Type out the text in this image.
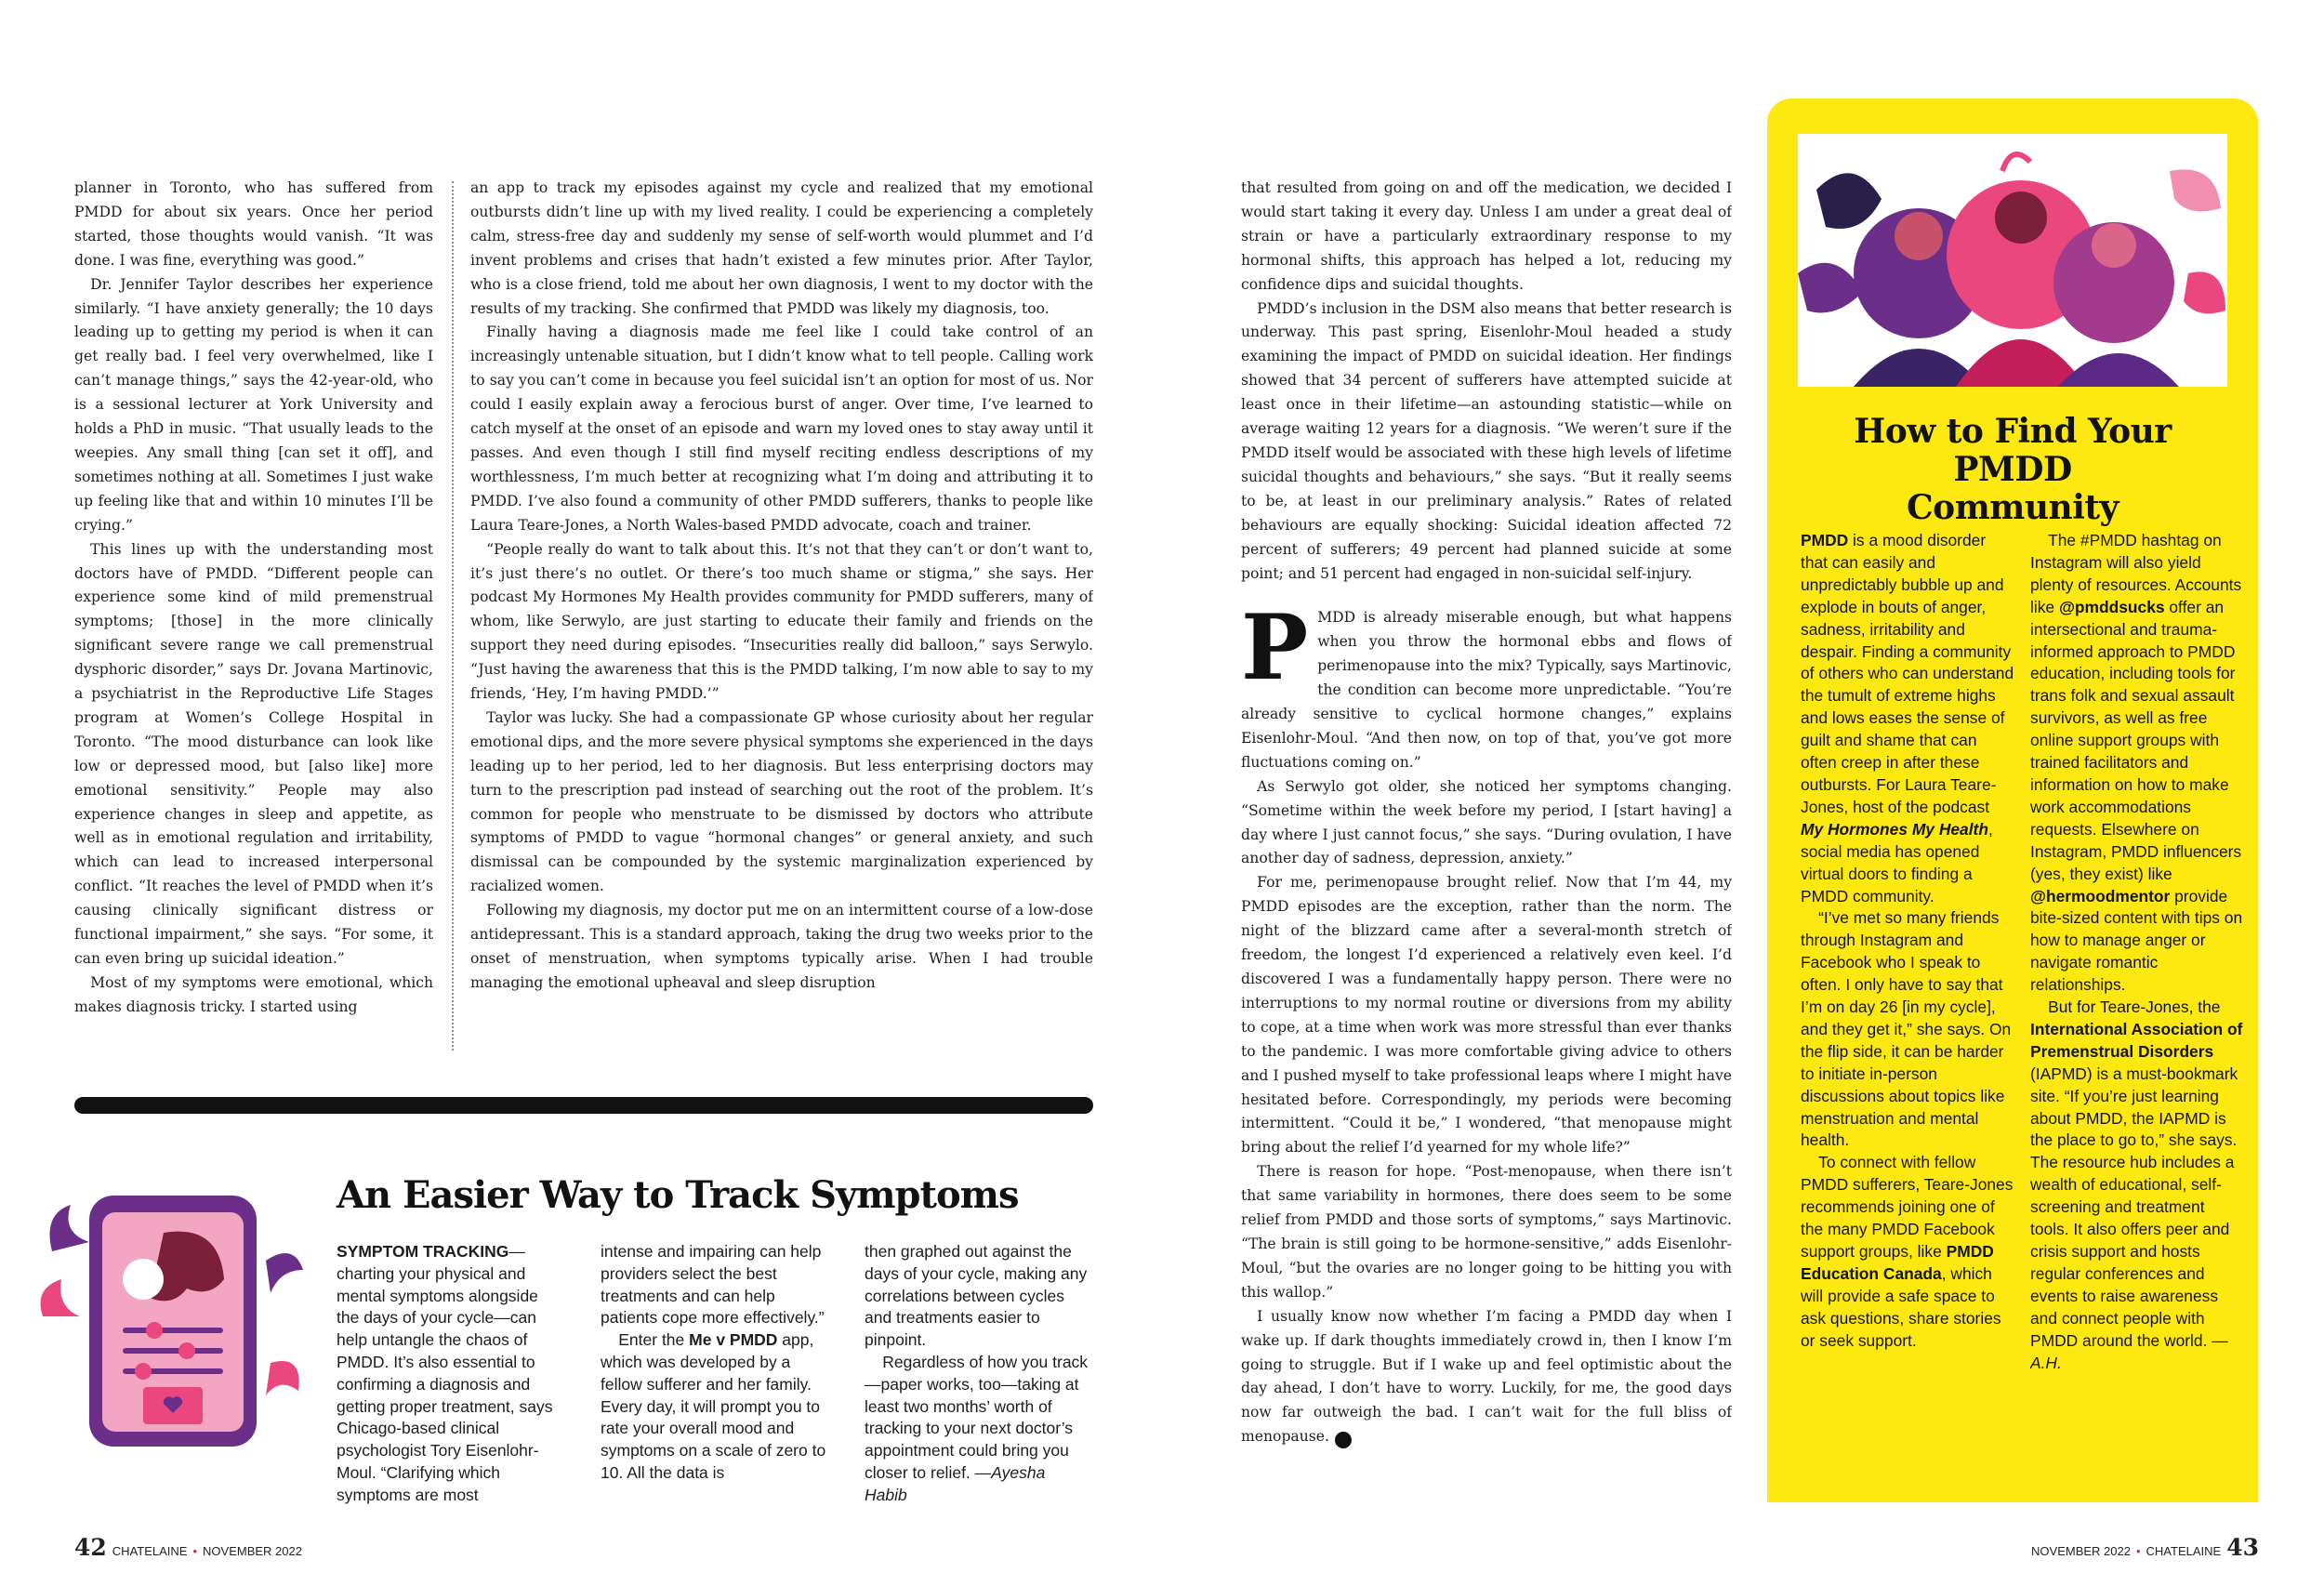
planner in Toronto, who has suffered from PMDD for about six years. Once her period started, those thoughts would vanish. “It was done. I was fine, everything was good.”

Dr. Jennifer Taylor describes her experience similarly. “I have anxiety generally; the 10 days leading up to getting my period is when it can get really bad. I feel very overwhelmed, like I can’t manage things,” says the 42-year-old, who is a sessional lecturer at York University and holds a PhD in music. “That usually leads to the weepies. Any small thing [can set it off], and sometimes nothing at all. Sometimes I just wake up feeling like that and within 10 minutes I’ll be crying.”

This lines up with the understanding most doctors have of PMDD. “Different people can experience some kind of mild premenstrual symptoms; [those] in the more clinically significant severe range we call premenstrual dysphoric disorder,” says Dr. Jovana Martinovic, a psychiatrist in the Reproductive Life Stages program at Women’s College Hospital in Toronto. “The mood disturbance can look like low or depressed mood, but [also like] more emotional sensitivity.” People may also experience changes in sleep and appetite, as well as in emotional regulation and irritability, which can lead to increased interpersonal conflict. “It reaches the level of PMDD when it’s causing clinically significant distress or functional impairment,” she says. “For some, it can even bring up suicidal ideation.”

Most of my symptoms were emotional, which makes diagnosis tricky. I started using

an app to track my episodes against my cycle and realized that my emotional outbursts didn’t line up with my lived reality. I could be experiencing a completely calm, stress-free day and suddenly my sense of self-worth would plummet and I’d invent problems and crises that hadn’t existed a few minutes prior. After Taylor, who is a close friend, told me about her own diagnosis, I went to my doctor with the results of my tracking. She confirmed that PMDD was likely my diagnosis, too.

Finally having a diagnosis made me feel like I could take control of an increasingly untenable situation, but I didn’t know what to tell people. Calling work to say you can’t come in because you feel suicidal isn’t an option for most of us. Nor could I easily explain away a ferocious burst of anger. Over time, I’ve learned to catch myself at the onset of an episode and warn my loved ones to stay away until it passes. And even though I still find myself reciting endless descriptions of my worthlessness, I’m much better at recognizing what I’m doing and attributing it to PMDD. I’ve also found a community of other PMDD sufferers, thanks to people like Laura Teare-Jones, a North Wales-based PMDD advocate, coach and trainer.

“People really do want to talk about this. It’s not that they can’t or don’t want to, it’s just there’s no outlet. Or there’s too much shame or stigma,” she says. Her podcast My Hormones My Health provides community for PMDD sufferers, many of whom, like Serwylo, are just starting to educate their family and friends on the support they need during episodes. “Insecurities really did balloon,” says Serwylo. “Just having the awareness that this is the PMDD talking, I’m now able to say to my friends, ‘Hey, I’m having PMDD.’”

Taylor was lucky. She had a compassionate GP whose curiosity about her regular emotional dips, and the more severe physical symptoms she experienced in the days leading up to her period, led to her diagnosis. But less enterprising doctors may turn to the prescription pad instead of searching out the root of the problem. It’s common for people who menstruate to be dismissed by doctors who attribute symptoms of PMDD to vague “hormonal changes” or general anxiety, and such dismissal can be compounded by the systemic marginalization experienced by racialized women.

Following my diagnosis, my doctor put me on an intermittent course of a low-dose antidepressant. This is a standard approach, taking the drug two weeks prior to the onset of menstruation, when symptoms typically arise. When I had trouble managing the emotional upheaval and sleep disruption

An Easier Way to Track Symptoms

SYMPTOM TRACKING—charting your physical and mental symptoms alongside the days of your cycle—can help untangle the chaos of PMDD. It’s also essential to confirming a diagnosis and getting proper treatment, says Chicago-based clinical psychologist Tory Eisenlohr-Moul. “Clarifying which symptoms are most

intense and impairing can help providers select the best treatments and can help patients cope more effectively.”

Enter the Me v PMDD app, which was developed by a fellow sufferer and her family. Every day, it will prompt you to rate your overall mood and symptoms on a scale of zero to 10. All the data is

then graphed out against the days of your cycle, making any correlations between cycles and treatments easier to pinpoint.

Regardless of how you track—paper works, too—taking at least two months’ worth of tracking to your next doctor’s appointment could bring you closer to relief. —Ayesha Habib

42 CHATELAINE • NOVEMBER 2022

that resulted from going on and off the medication, we decided I would start taking it every day. Unless I am under a great deal of strain or have a particularly extraordinary response to my hormonal shifts, this approach has helped a lot, reducing my confidence dips and suicidal thoughts.

PMDD’s inclusion in the DSM also means that better research is underway. This past spring, Eisenlohr-Moul headed a study examining the impact of PMDD on suicidal ideation. Her findings showed that 34 percent of sufferers have attempted suicide at least once in their lifetime—an astounding statistic—while on average waiting 12 years for a diagnosis. “We weren’t sure if the PMDD itself would be associated with these high levels of lifetime suicidal thoughts and behaviours,” she says. “But it really seems to be, at least in our preliminary analysis.” Rates of related behaviours are equally shocking: Suicidal ideation affected 72 percent of sufferers; 49 percent had planned suicide at some point; and 51 percent had engaged in non-suicidal self-injury.

PMDD is already miserable enough, but what happens when you throw the hormonal ebbs and flows of perimenopause into the mix? Typically, says Martinovic, the condition can become more unpredictable. “You’re already sensitive to cyclical hormone changes,” explains Eisenlohr-Moul. “And then now, on top of that, you’ve got more fluctuations coming on.”

As Serwylo got older, she noticed her symptoms changing. “Sometime within the week before my period, I [start having] a day where I just cannot focus,” she says. “During ovulation, I have another day of sadness, depression, anxiety.”

For me, perimenopause brought relief. Now that I’m 44, my PMDD episodes are the exception, rather than the norm. The night of the blizzard came after a several-month stretch of freedom, the longest I’d experienced a relatively even keel. I’d discovered I was a fundamentally happy person. There were no interruptions to my normal routine or diversions from my ability to cope, at a time when work was more stressful than ever thanks to the pandemic. I was more comfortable giving advice to others and I pushed myself to take professional leaps where I might have hesitated before. Correspondingly, my periods were becoming intermittent. “Could it be,” I wondered, “that menopause might bring about the relief I’d yearned for my whole life?”

There is reason for hope. “Post-menopause, when there isn’t that same variability in hormones, there does seem to be some relief from PMDD and those sorts of symptoms,” says Martinovic. “The brain is still going to be hormone-sensitive,” adds Eisenlohr-Moul, “but the ovaries are no longer going to be hitting you with this wallop.”

I usually know now whether I’m facing a PMDD day when I wake up. If dark thoughts immediately crowd in, then I know I’m going to struggle. But if I wake up and feel optimistic about the day ahead, I don’t have to worry. Luckily, for me, the good days now far outweigh the bad. I can’t wait for the full bliss of menopause. C

How to Find Your PMDD Community

PMDD is a mood disorder that can easily and unpredictably bubble up and explode in bouts of anger, sadness, irritability and despair. Finding a community of others who can understand the tumult of extreme highs and lows eases the sense of guilt and shame that can often creep in after these outbursts. For Laura Teare-Jones, host of the podcast My Hormones My Health, social media has opened virtual doors to finding a PMDD community.

“I’ve met so many friends through Instagram and Facebook who I speak to often. I only have to say that I’m on day 26 [in my cycle], and they get it,” she says. On the flip side, it can be harder to initiate in-person discussions about topics like menstruation and mental health.

To connect with fellow PMDD sufferers, Teare-Jones recommends joining one of the many PMDD Facebook support groups, like PMDD Education Canada, which will provide a safe space to ask questions, share stories or seek support.

The #PMDD hashtag on Instagram will also yield plenty of resources. Accounts like @pmddsucks offer an intersectional and trauma-informed approach to PMDD education, including tools for trans folk and sexual assault survivors, as well as free online support groups with trained facilitators and information on how to make work accommodations requests. Elsewhere on Instagram, PMDD influencers (yes, they exist) like @hermoodmentor provide bite-sized content with tips on how to manage anger or navigate romantic relationships.

But for Teare-Jones, the International Association of Premenstrual Disorders (IAPMD) is a must-bookmark site. “If you’re just learning about PMDD, the IAPMD is the place to go to,” she says. The resource hub includes a wealth of educational, self-screening and treatment tools. It also offers peer and crisis support and hosts regular conferences and events to raise awareness and connect people with PMDD around the world. —A.H.

NOVEMBER 2022 • CHATELAINE 43
